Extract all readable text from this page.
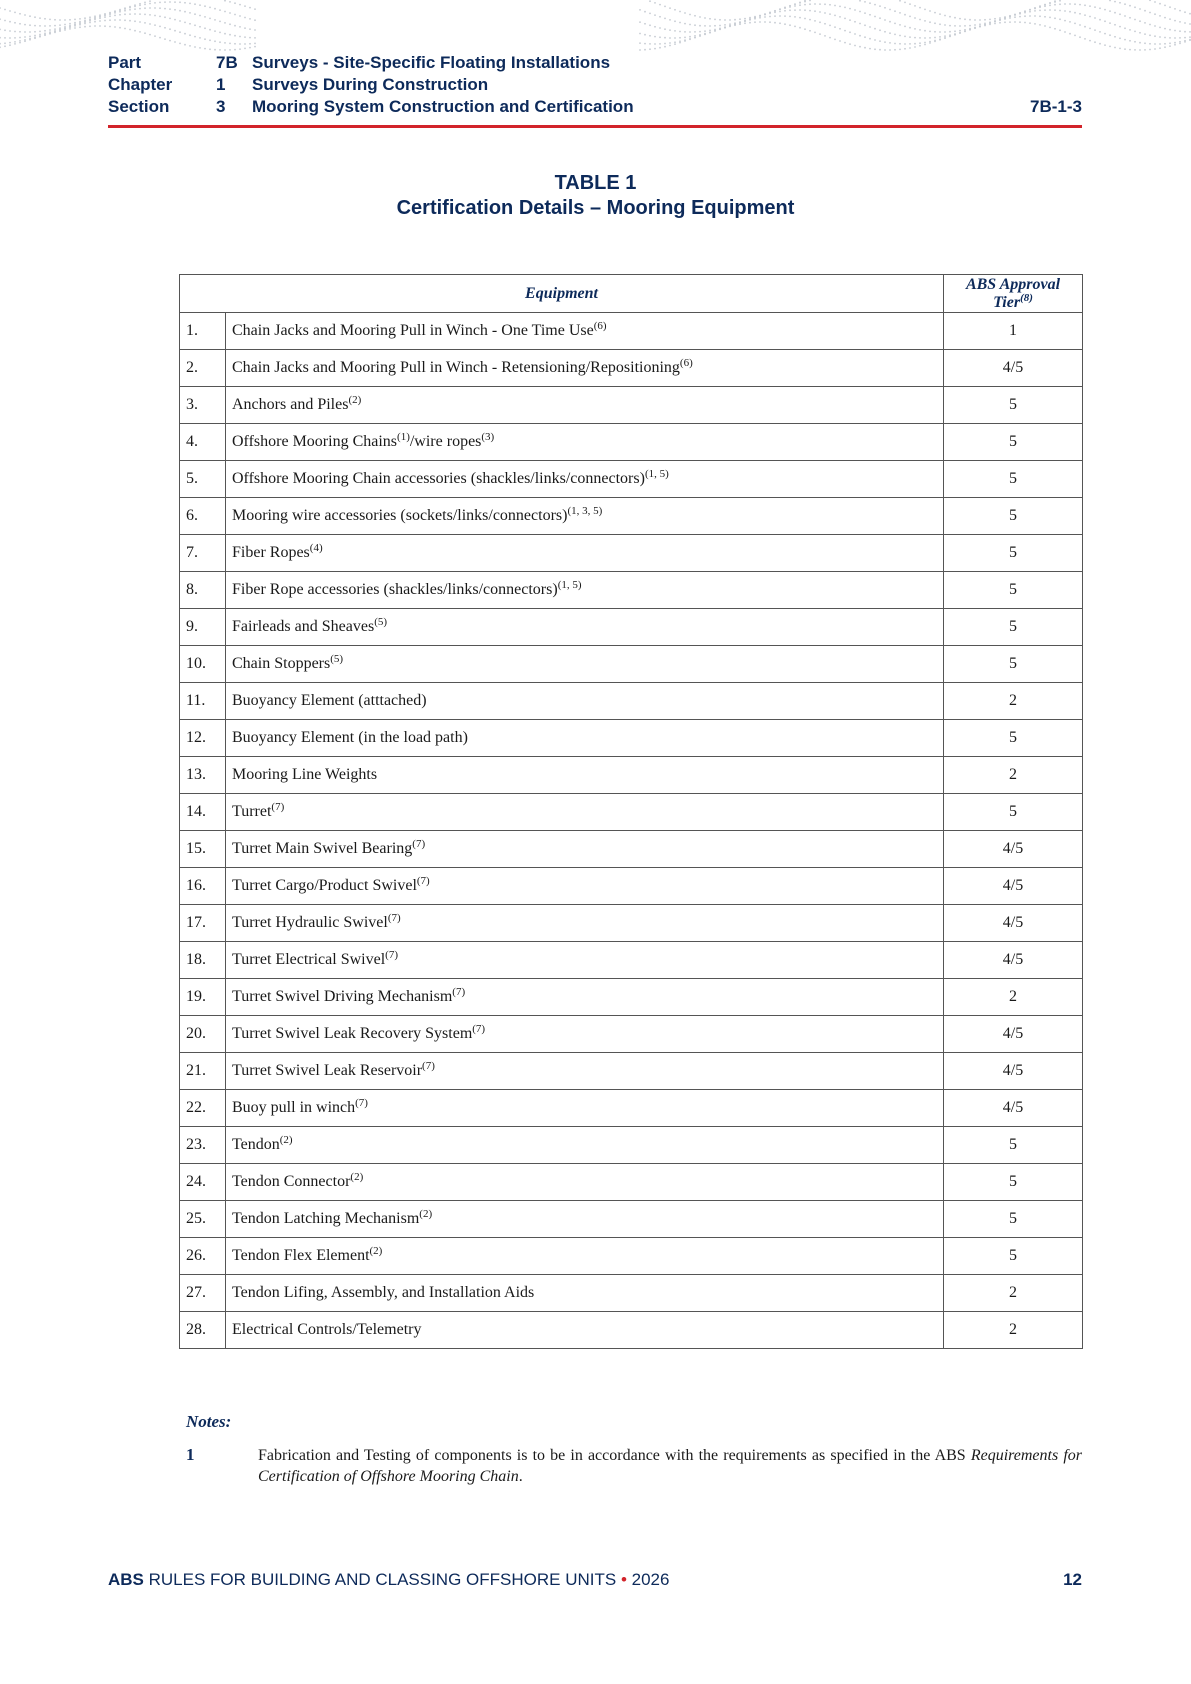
Part	7B Surveys - Site-Specific Floating Installations
Chapter	1 Surveys During Construction
Section	3 Mooring System Construction and Certification	7B-1-3
TABLE 1
Certification Details – Mooring Equipment
Equipment		ABS Approval Tier$^{(8)}$
1.	Chain Jacks and Mooring Pull in Winch - One Time Use$^{(6)}$	1
2.	Chain Jacks and Mooring Pull in Winch - Retensioning/Repositioning$^{(6)}$	4/5
3.	Anchors and Piles$^{(2)}$	5
4.	Offshore Mooring Chains$^{(1)}$/wire ropes$^{(3)}$	5
5.	Offshore Mooring Chain accessories (shackles/links/connectors)$^{(1, 5)}$	5
6.	Mooring wire accessories (sockets/links/connectors)$^{(1, 3, 5)}$	5
7.	Fiber Ropes$^{(4)}$	5
8.	Fiber Rope accessories (shackles/links/connectors)$^{(1, 5)}$	5
9.	Fairleads and Sheaves$^{(5)}$	5
10.	Chain Stoppers$^{(5)}$	5
11.	Buoyancy Element (atttached)	2
12.	Buoyancy Element (in the load path)	5
13.	Mooring Line Weights	2
14.	Turret$^{(7)}$	5
15.	Turret Main Swivel Bearing$^{(7)}$	4/5
16.	Turret Cargo/Product Swivel$^{(7)}$	4/5
17.	Turret Hydraulic Swivel$^{(7)}$	4/5
18.	Turret Electrical Swivel$^{(7)}$	4/5
19.	Turret Swivel Driving Mechanism$^{(7)}$	2
20.	Turret Swivel Leak Recovery System$^{(7)}$	4/5
21.	Turret Swivel Leak Reservoir$^{(7)}$	4/5
22.	Buoy pull in winch$^{(7)}$	4/5
23.	Tendon$^{(2)}$	5
24.	Tendon Connector$^{(2)}$	5
25.	Tendon Latching Mechanism$^{(2)}$	5
26.	Tendon Flex Element$^{(2)}$	5
27.	Tendon Lifing, Assembly, and Installation Aids	2
28.	Electrical Controls/Telemetry	2
Notes:
1	Fabrication and Testing of components is to be in accordance with the requirements as specified in the ABS Requirements for Certification of Offshore Mooring Chain.
ABS RULES FOR BUILDING AND CLASSING OFFSHORE UNITS • 2026	12
